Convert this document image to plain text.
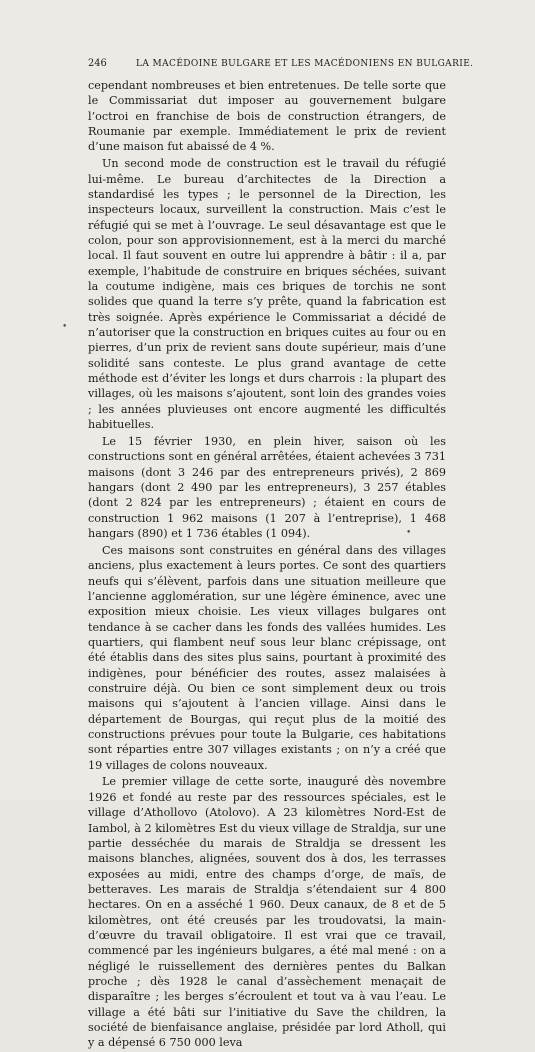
246	LA MACÉDOINE BULGARE ET LES MACÉDONIENS EN BULGARIE.

cependant nombreuses et bien entretenues. De telle sorte que le Commissariat dut imposer au gouvernement bulgare l’octroi en franchise de bois de construction étrangers, de Roumanie par exemple. Immédiatement le prix de revient d’une maison fut abaissé de 4 %.

Un second mode de construction est le travail du réfugié lui-même. Le bureau d’architectes de la Direction a standardisé les types ; le personnel de la Direction, les inspecteurs locaux, surveillent la construction. Mais c’est le réfugié qui se met à l’ouvrage. Le seul désavantage est que le colon, pour son approvisionnement, est à la merci du marché local. Il faut souvent en outre lui apprendre à bâtir : il a, par exemple, l’habitude de construire en briques séchées, suivant la coutume indigène, mais ces briques de torchis ne sont solides que quand la terre s’y prête, quand la fabrication est très soignée. Après expérience le Commissariat a décidé de n’autoriser que la construction en briques cuites au four ou en pierres, d’un prix de revient sans doute supérieur, mais d’une solidité sans conteste. Le plus grand avantage de cette méthode est d’éviter les longs et durs charrois : la plupart des villages, où les maisons s’ajoutent, sont loin des grandes voies ; les années pluvieuses ont encore augmenté les difficultés habituelles.

Le 15 février 1930, en plein hiver, saison où les constructions sont en général arrêtées, étaient achevées 3 731 maisons (dont 3 246 par des entrepreneurs privés), 2 869 hangars (dont 2 490 par les entrepreneurs), 3 257 étables (dont 2 824 par les entrepreneurs) ; étaient en cours de construction 1 962 maisons (1 207 à l’entreprise), 1 468 hangars (890) et 1 736 étables (1 094).

Ces maisons sont construites en général dans des villages anciens, plus exactement à leurs portes. Ce sont des quartiers neufs qui s’élèvent, parfois dans une situation meilleure que l’ancienne agglomération, sur une légère éminence, avec une exposition mieux choisie. Les vieux villages bulgares ont tendance à se cacher dans les fonds des vallées humides. Les quartiers, qui flambent neuf sous leur blanc crépissage, ont été établis dans des sites plus sains, pourtant à proximité des indigènes, pour bénéficier des routes, assez malaisées à construire déjà. Ou bien ce sont simplement deux ou trois maisons qui s’ajoutent à l’ancien village. Ainsi dans le département de Bourgas, qui reçut plus de la moitié des constructions prévues pour toute la Bulgarie, ces habitations sont réparties entre 307 villages existants ; on n’y a créé que 19 villages de colons nouveaux.

Le premier village de cette sorte, inauguré dès novembre 1926 et fondé au reste par des ressources spéciales, est le village d’Athollovo (Atolovo). A 23 kilomètres Nord-Est de Iambol, à 2 kilomètres Est du vieux village de Straldja, sur une partie desséchée du marais de Straldja se dressent les maisons blanches, alignées, souvent dos à dos, les terrasses exposées au midi, entre des champs d’orge, de maïs, de betteraves. Les marais de Straldja s’étendaient sur 4 800 hectares. On en a asséché 1 960. Deux canaux, de 8 et de 5 kilomètres, ont été creusés par les troudovatsi, la main-d’œuvre du travail obligatoire. Il est vrai que ce travail, commencé par les ingénieurs bulgares, a été mal mené : on a négligé le ruissellement des dernières pentes du Balkan proche ; dès 1928 le canal d’assèchement menaçait de disparaître ; les berges s’écroulent et tout va à vau l’eau. Le village a été bâti sur l’initiative du Save the children, la société de bienfaisance anglaise, présidée par lord Atholl, qui y a dépensé 6 750 000 leva

•
•
